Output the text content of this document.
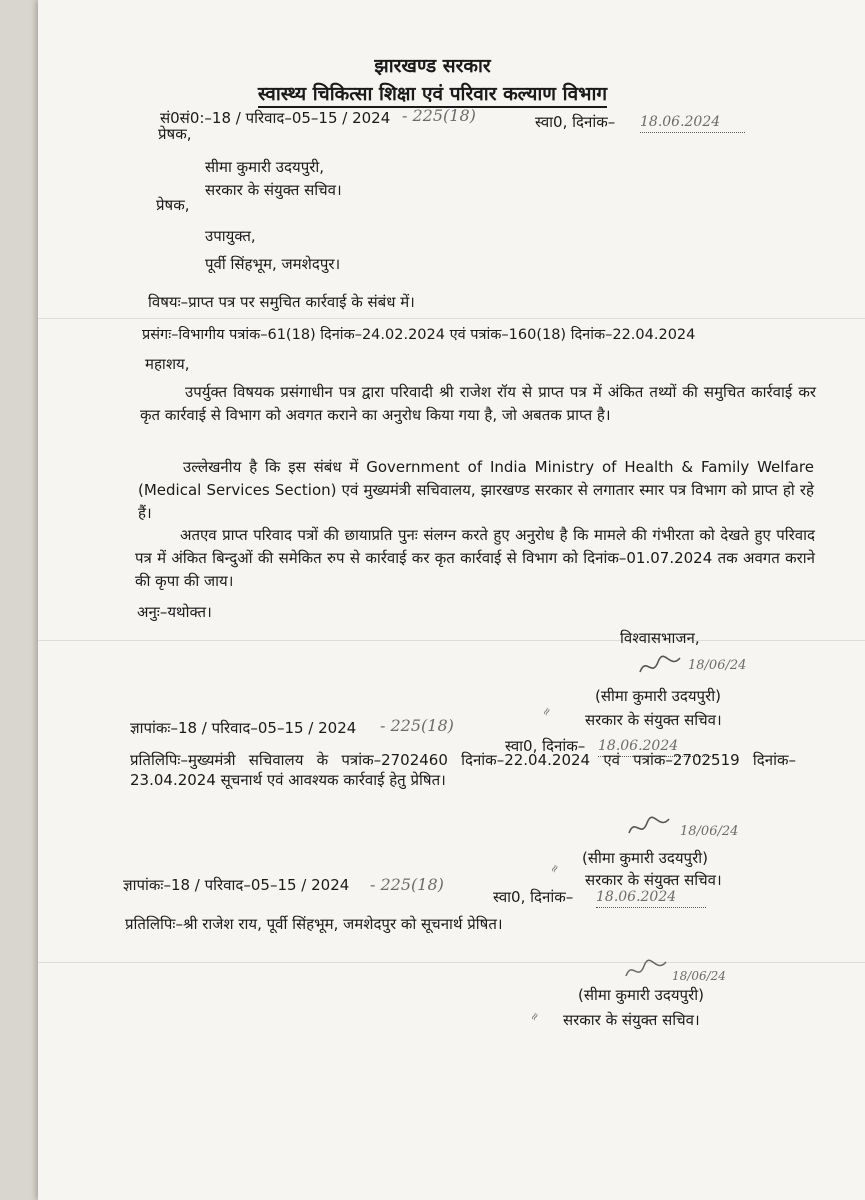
झारखण्ड सरकार
स्वास्थ्य चिकित्सा शिक्षा एवं परिवार कल्याण विभाग
सं0सं0:–18 / परिवाद–05–15 / 2024 - 225(18)	स्वा0, दिनांक– 18.06.2024
प्रेषक,
सीमा कुमारी उदयपुरी,
सरकार के संयुक्त सचिव।
प्रेषक,
उपायुक्त,
पूर्वी सिंहभूम, जमशेदपुर।
विषयः–प्राप्त पत्र पर समुचित कार्रवाई के संबंध में।
प्रसंगः–विभागीय पत्रांक–61(18) दिनांक–24.02.2024 एवं पत्रांक–160(18) दिनांक–22.04.2024
महाशय,
उपर्युक्त विषयक प्रसंगाधीन पत्र द्वारा परिवादी श्री राजेश रॉय से प्राप्त पत्र में अंकित तथ्यों की समुचित कार्रवाई कर कृत कार्रवाई से विभाग को अवगत कराने का अनुरोध किया गया है, जो अबतक प्राप्त है।
उल्लेखनीय है कि इस संबंध में Government of India Ministry of Health & Family Welfare (Medical Services Section) एवं मुख्यमंत्री सचिवालय, झारखण्ड सरकार से लगातार स्मार पत्र विभाग को प्राप्त हो रहे हैं।
अतएव प्राप्त परिवाद पत्रों की छायाप्रति पुनः संलग्न करते हुए अनुरोध है कि मामले की गंभीरता को देखते हुए परिवाद पत्र में अंकित बिन्दुओं की समेकित रुप से कार्रवाई कर कृत कार्रवाई से विभाग को दिनांक–01.07.2024 तक अवगत कराने की कृपा की जाय।
अनुः–यथोक्त।
विश्वासभाजन,
18/06/24
(सीमा कुमारी उदयपुरी)
≈ सरकार के संयुक्त सचिव।
ज्ञापांकः–18 / परिवाद–05–15 / 2024 - 225(18)
स्वा0, दिनांक– 18.06.2024
प्रतिलिपिः–मुख्यमंत्री सचिवालय के पत्रांक–2702460 दिनांक–22.04.2024 एवं पत्रांक–2702519 दिनांक–23.04.2024 सूचनार्थ एवं आवश्यक कार्रवाई हेतु प्रेषित।
18/06/24
(सीमा कुमारी उदयपुरी)
≈
सरकार के संयुक्त सचिव।
ज्ञापांकः–18 / परिवाद–05–15 / 2024 - 225(18)
स्वा0, दिनांक– 18.06.2024
प्रतिलिपिः–श्री राजेश राय, पूर्वी सिंहभूम, जमशेदपुर को सूचनार्थ प्रेषित।
18/06/24
(सीमा कुमारी उदयपुरी)
≈ सरकार के संयुक्त सचिव।
